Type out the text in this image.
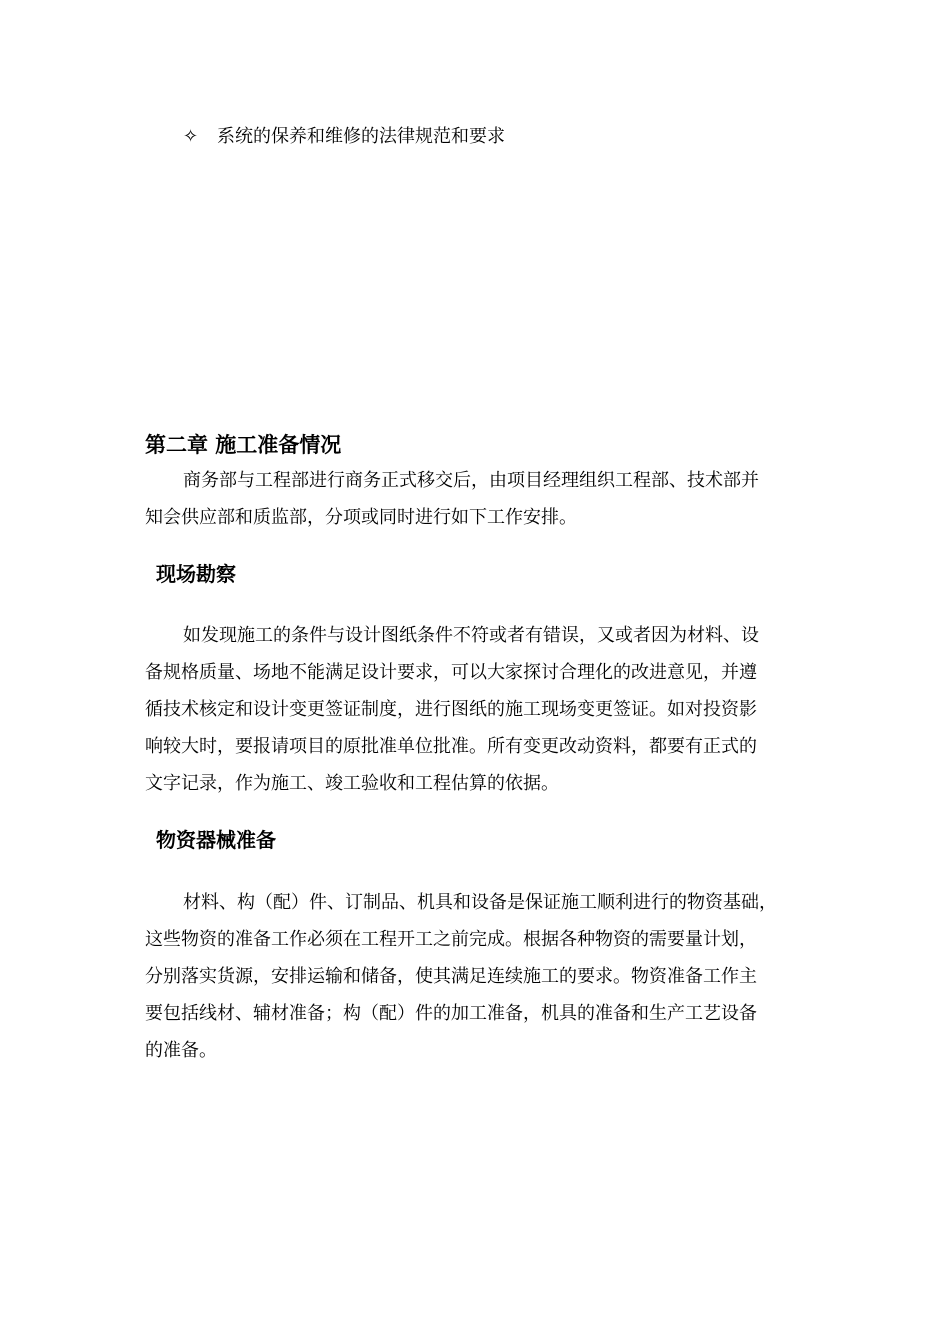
✧ 系统的保养和维修的法律规范和要求
第二章 施工准备情况
商务部与工程部进行商务正式移交后，由项目经理组织工程部、技术部并
知会供应部和质监部，分项或同时进行如下工作安排。
现场勘察
如发现施工的条件与设计图纸条件不符或者有错误，又或者因为材料、设
备规格质量、场地不能满足设计要求，可以大家探讨合理化的改进意见，并遵
循技术核定和设计变更签证制度，进行图纸的施工现场变更签证。如对投资影
响较大时，要报请项目的原批准单位批准。所有变更改动资料，都要有正式的
文字记录，作为施工、竣工验收和工程估算的依据。
物资器械准备
材料、构（配）件、订制品、机具和设备是保证施工顺利进行的物资基础，
这些物资的准备工作必须在工程开工之前完成。根据各种物资的需要量计划，
分别落实货源，安排运输和储备，使其满足连续施工的要求。物资准备工作主
要包括线材、辅材准备；构（配）件的加工准备，机具的准备和生产工艺设备
的准备。
